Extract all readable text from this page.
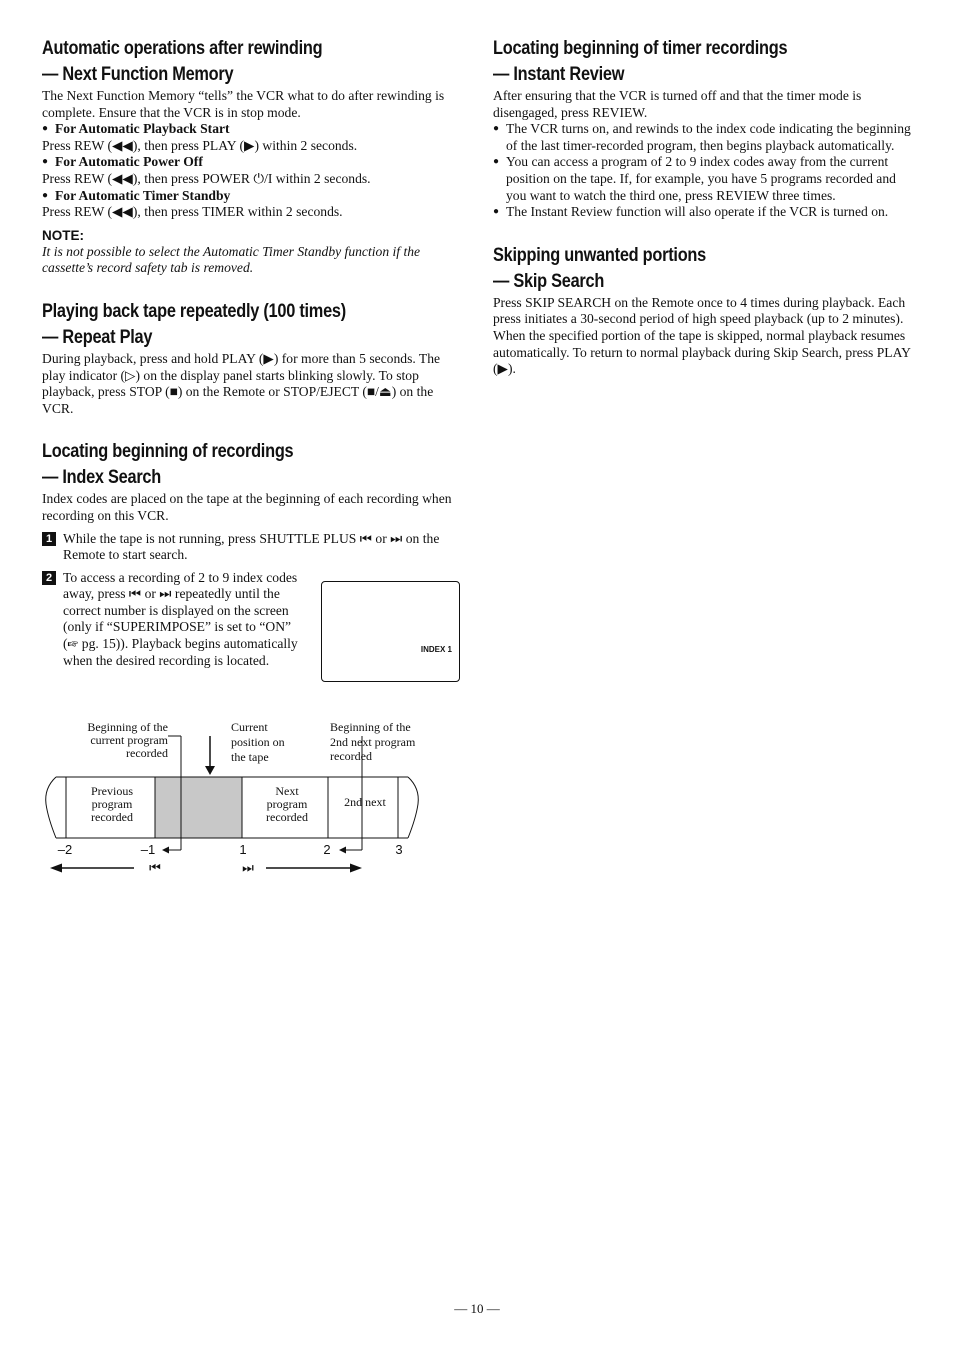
Automatic operations after rewinding
— Next Function Memory

The Next Function Memory “tells” the VCR what to do after rewinding is complete. Ensure that the VCR is in stop mode.

● For Automatic Playback Start

Press REW (◀◀), then press PLAY (▶) within 2 seconds.

● For Automatic Power Off

Press REW (◀◀), then press POWER ⏻/I within 2 seconds.

● For Automatic Timer Standby

Press REW (◀◀), then press TIMER within 2 seconds.

NOTE:

It is not possible to select the Automatic Timer Standby function if the cassette’s record safety tab is removed.

Playing back tape repeatedly (100 times)
— Repeat Play

During playback, press and hold PLAY (▶) for more than 5 seconds. The play indicator (▷) on the display panel starts blinking slowly. To stop playback, press STOP (■) on the Remote or STOP/EJECT (■/⏏) on the VCR.

Locating beginning of recordings
— Index Search

Index codes are placed on the tape at the beginning of each recording when recording on this VCR.

1 While the tape is not running, press SHUTTLE PLUS ⏮ or ⏭ on the Remote to start search.

2 To access a recording of 2 to 9 index codes away, press ⏮ or ⏭ repeatedly until the correct number is displayed on the screen (only if “SUPERIMPOSE” is set to “ON” (☞ pg. 15)). Playback begins automatically when the desired recording is located.

INDEX 1
Beginning of the
current program
recorded
Current
position on
the tape
Beginning of the
2nd next program
recorded
Previous
program
recorded
Next
program
recorded
2nd next
–2	–1	1	2	3
⏮	⏭
Locating beginning of timer recordings
— Instant Review

After ensuring that the VCR is turned off and that the timer mode is disengaged, press REVIEW.

● The VCR turns on, and rewinds to the index code indicating the beginning of the last timer-recorded program, then begins playback automatically.

● You can access a program of 2 to 9 index codes away from the current position on the tape. If, for example, you have 5 programs recorded and you want to watch the third one, press REVIEW three times.

● The Instant Review function will also operate if the VCR is turned on.

Skipping unwanted portions
— Skip Search

Press SKIP SEARCH on the Remote once to 4 times during playback. Each press initiates a 30-second period of high speed playback (up to 2 minutes). When the specified portion of the tape is skipped, normal playback resumes automatically. To return to normal playback during Skip Search, press PLAY (▶).

— 10 —
